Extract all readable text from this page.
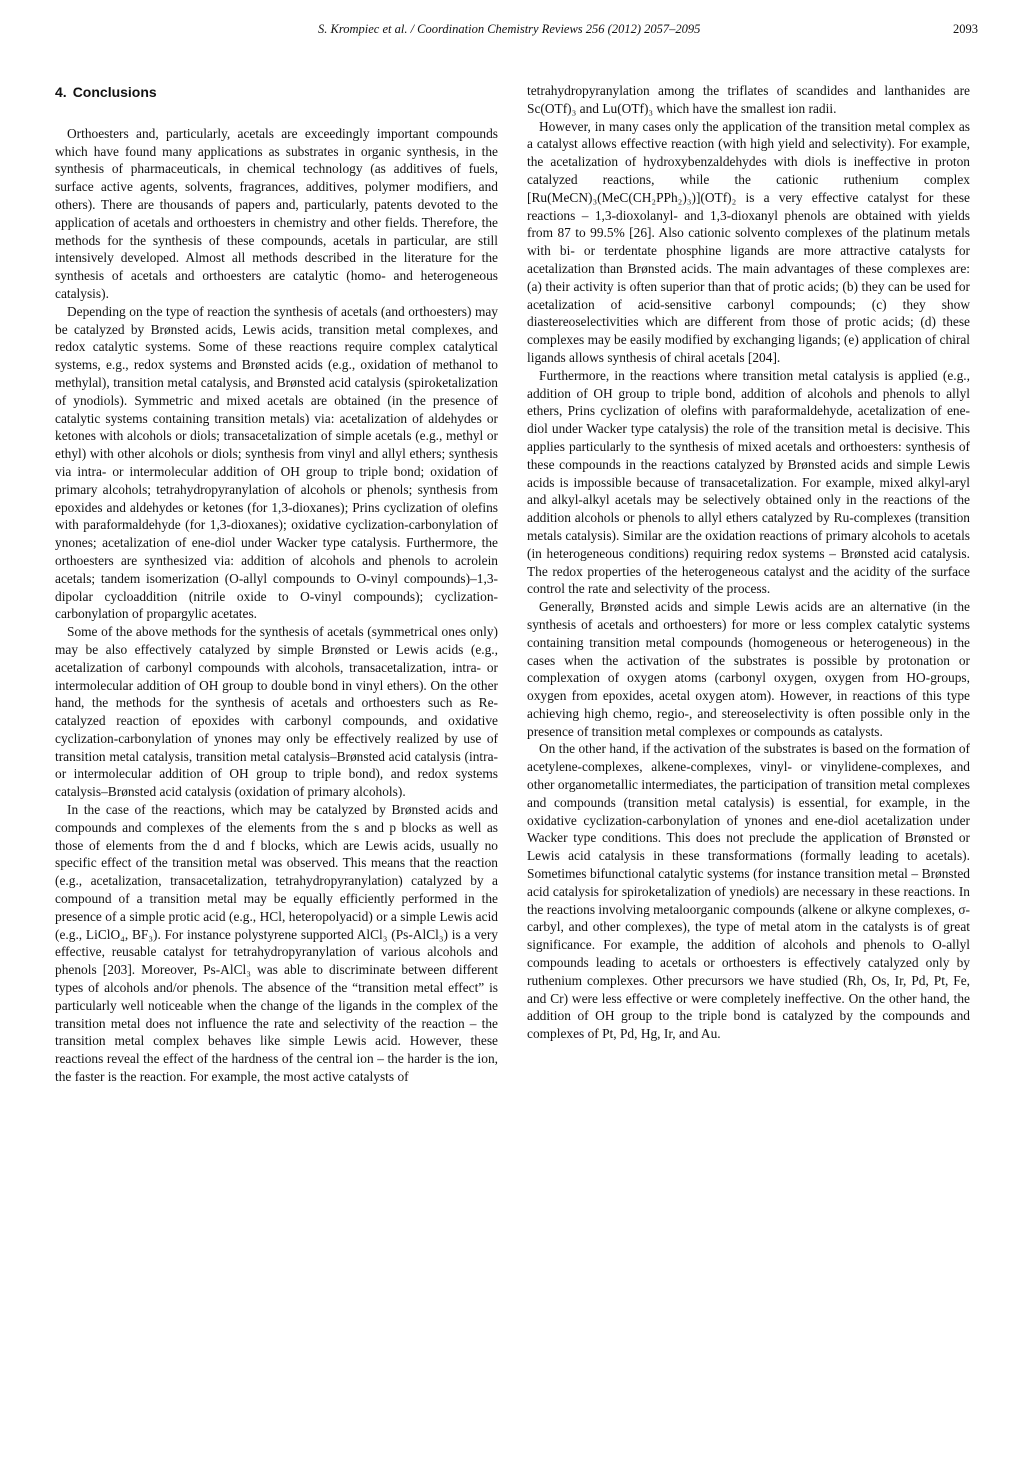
S. Krompiec et al. / Coordination Chemistry Reviews 256 (2012) 2057–2095	2093
4. Conclusions

Orthoesters and, particularly, acetals are exceedingly important compounds which have found many applications as substrates in organic synthesis, in the synthesis of pharmaceuticals, in chemical technology (as additives of fuels, surface active agents, solvents, fragrances, additives, polymer modifiers, and others). There are thousands of papers and, particularly, patents devoted to the application of acetals and orthoesters in chemistry and other fields. Therefore, the methods for the synthesis of these compounds, acetals in particular, are still intensively developed. Almost all methods described in the literature for the synthesis of acetals and orthoesters are catalytic (homo- and heterogeneous catalysis).

Depending on the type of reaction the synthesis of acetals (and orthoesters) may be catalyzed by Brønsted acids, Lewis acids, transition metal complexes, and redox catalytic systems. Some of these reactions require complex catalytical systems, e.g., redox systems and Brønsted acids (e.g., oxidation of methanol to methylal), transition metal catalysis, and Brønsted acid catalysis (spiroketalization of ynodiols). Symmetric and mixed acetals are obtained (in the presence of catalytic systems containing transition metals) via: acetalization of aldehydes or ketones with alcohols or diols; transacetalization of simple acetals (e.g., methyl or ethyl) with other alcohols or diols; synthesis from vinyl and allyl ethers; synthesis via intra- or intermolecular addition of OH group to triple bond; oxidation of primary alcohols; tetrahydropyranylation of alcohols or phenols; synthesis from epoxides and aldehydes or ketones (for 1,3-dioxanes); Prins cyclization of olefins with paraformaldehyde (for 1,3-dioxanes); oxidative cyclization-carbonylation of ynones; acetalization of ene-diol under Wacker type catalysis. Furthermore, the orthoesters are synthesized via: addition of alcohols and phenols to acrolein acetals; tandem isomerization (O-allyl compounds to O-vinyl compounds)–1,3-dipolar cycloaddition (nitrile oxide to O-vinyl compounds); cyclization-carbonylation of propargylic acetates.

Some of the above methods for the synthesis of acetals (symmetrical ones only) may be also effectively catalyzed by simple Brønsted or Lewis acids (e.g., acetalization of carbonyl compounds with alcohols, transacetalization, intra- or intermolecular addition of OH group to double bond in vinyl ethers). On the other hand, the methods for the synthesis of acetals and orthoesters such as Re-catalyzed reaction of epoxides with carbonyl compounds, and oxidative cyclization-carbonylation of ynones may only be effectively realized by use of transition metal catalysis, transition metal catalysis–Brønsted acid catalysis (intra- or intermolecular addition of OH group to triple bond), and redox systems catalysis–Brønsted acid catalysis (oxidation of primary alcohols).

In the case of the reactions, which may be catalyzed by Brønsted acids and compounds and complexes of the elements from the s and p blocks as well as those of elements from the d and f blocks, which are Lewis acids, usually no specific effect of the transition metal was observed. This means that the reaction (e.g., acetalization, transacetalization, tetrahydropyranylation) catalyzed by a compound of a transition metal may be equally efficiently performed in the presence of a simple protic acid (e.g., HCl, heteropolyacid) or a simple Lewis acid (e.g., LiClO₄, BF₃). For instance polystyrene supported AlCl₃ (Ps-AlCl₃) is a very effective, reusable catalyst for tetrahydropyranylation of various alcohols and phenols [203]. Moreover, Ps-AlCl₃ was able to discriminate between different types of alcohols and/or phenols. The absence of the “transition metal effect” is particularly well noticeable when the change of the ligands in the complex of the transition metal does not influence the rate and selectivity of the reaction – the transition metal complex behaves like simple Lewis acid. However, these reactions reveal the effect of the hardness of the central ion – the harder is the ion, the faster is the reaction. For example, the most active catalysts of

tetrahydropyranylation among the triflates of scandides and lanthanides are Sc(OTf)₃ and Lu(OTf)₃ which have the smallest ion radii.

However, in many cases only the application of the transition metal complex as a catalyst allows effective reaction (with high yield and selectivity). For example, the acetalization of hydroxybenzaldehydes with diols is ineffective in proton catalyzed reactions, while the cationic ruthenium complex [Ru(MeCN)₃(MeC(CH₂PPh₂)₃)](OTf)₂ is a very effective catalyst for these reactions – 1,3-dioxolanyl- and 1,3-dioxanyl phenols are obtained with yields from 87 to 99.5% [26]. Also cationic solvento complexes of the platinum metals with bi- or terdentate phosphine ligands are more attractive catalysts for acetalization than Brønsted acids. The main advantages of these complexes are: (a) their activity is often superior than that of protic acids; (b) they can be used for acetalization of acid-sensitive carbonyl compounds; (c) they show diastereoselectivities which are different from those of protic acids; (d) these complexes may be easily modified by exchanging ligands; (e) application of chiral ligands allows synthesis of chiral acetals [204].

Furthermore, in the reactions where transition metal catalysis is applied (e.g., addition of OH group to triple bond, addition of alcohols and phenols to allyl ethers, Prins cyclization of olefins with paraformaldehyde, acetalization of ene-diol under Wacker type catalysis) the role of the transition metal is decisive. This applies particularly to the synthesis of mixed acetals and orthoesters: synthesis of these compounds in the reactions catalyzed by Brønsted acids and simple Lewis acids is impossible because of transacetalization. For example, mixed alkyl-aryl and alkyl-alkyl acetals may be selectively obtained only in the reactions of the addition alcohols or phenols to allyl ethers catalyzed by Ru-complexes (transition metals catalysis). Similar are the oxidation reactions of primary alcohols to acetals (in heterogeneous conditions) requiring redox systems – Brønsted acid catalysis. The redox properties of the heterogeneous catalyst and the acidity of the surface control the rate and selectivity of the process.

Generally, Brønsted acids and simple Lewis acids are an alternative (in the synthesis of acetals and orthoesters) for more or less complex catalytic systems containing transition metal compounds (homogeneous or heterogeneous) in the cases when the activation of the substrates is possible by protonation or complexation of oxygen atoms (carbonyl oxygen, oxygen from HO-groups, oxygen from epoxides, acetal oxygen atom). However, in reactions of this type achieving high chemo, regio-, and stereoselectivity is often possible only in the presence of transition metal complexes or compounds as catalysts.

On the other hand, if the activation of the substrates is based on the formation of acetylene-complexes, alkene-complexes, vinyl- or vinylidene-complexes, and other organometallic intermediates, the participation of transition metal complexes and compounds (transition metal catalysis) is essential, for example, in the oxidative cyclization-carbonylation of ynones and ene-diol acetalization under Wacker type conditions. This does not preclude the application of Brønsted or Lewis acid catalysis in these transformations (formally leading to acetals). Sometimes bifunctional catalytic systems (for instance transition metal – Brønsted acid catalysis for spiroketalization of ynediols) are necessary in these reactions. In the reactions involving metaloorganic compounds (alkene or alkyne complexes, σ-carbyl, and other complexes), the type of metal atom in the catalysts is of great significance. For example, the addition of alcohols and phenols to O-allyl compounds leading to acetals or orthoesters is effectively catalyzed only by ruthenium complexes. Other precursors we have studied (Rh, Os, Ir, Pd, Pt, Fe, and Cr) were less effective or were completely ineffective. On the other hand, the addition of OH group to the triple bond is catalyzed by the compounds and complexes of Pt, Pd, Hg, Ir, and Au.
